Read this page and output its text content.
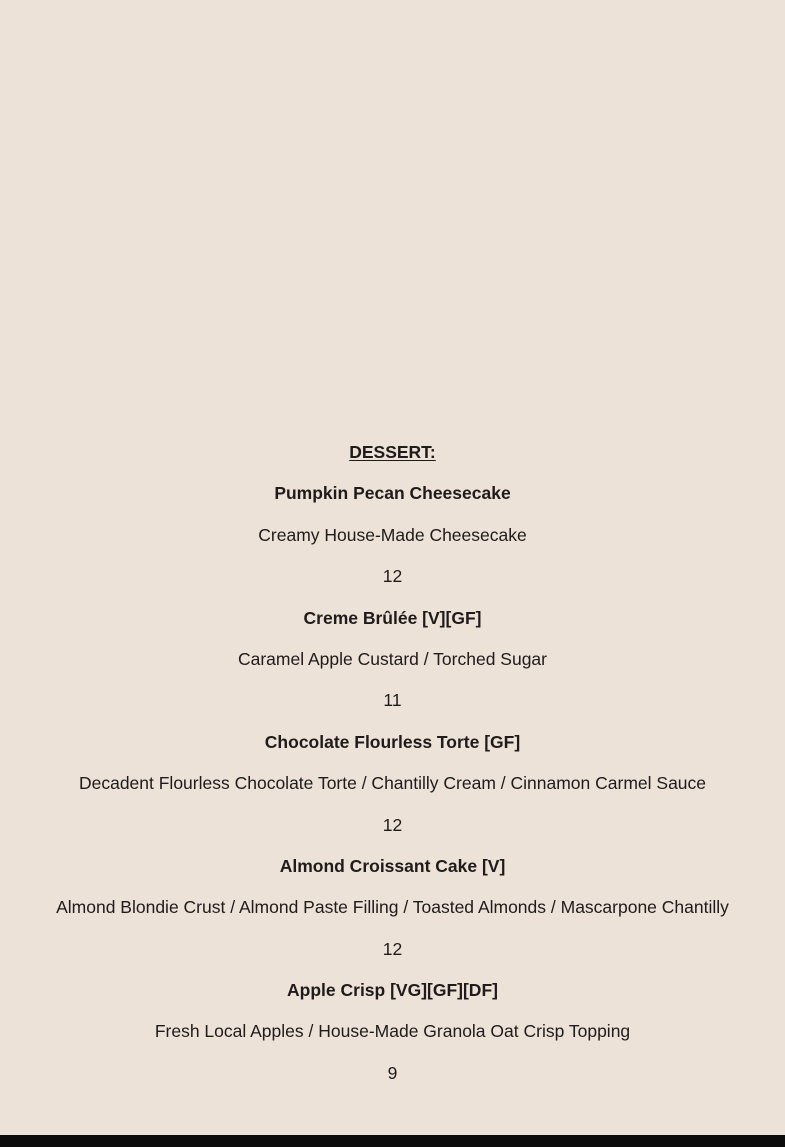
DESSERT:
Pumpkin Pecan Cheesecake
Creamy House-Made Cheesecake
12
Creme Brûlée [V][GF]
Caramel Apple Custard / Torched Sugar
11
Chocolate Flourless Torte [GF]
Decadent Flourless Chocolate Torte / Chantilly Cream / Cinnamon Carmel Sauce
12
Almond Croissant Cake [V]
Almond Blondie Crust / Almond Paste Filling / Toasted Almonds / Mascarpone Chantilly
12
Apple Crisp [VG][GF][DF]
Fresh Local Apples / House-Made Granola Oat Crisp Topping
9
